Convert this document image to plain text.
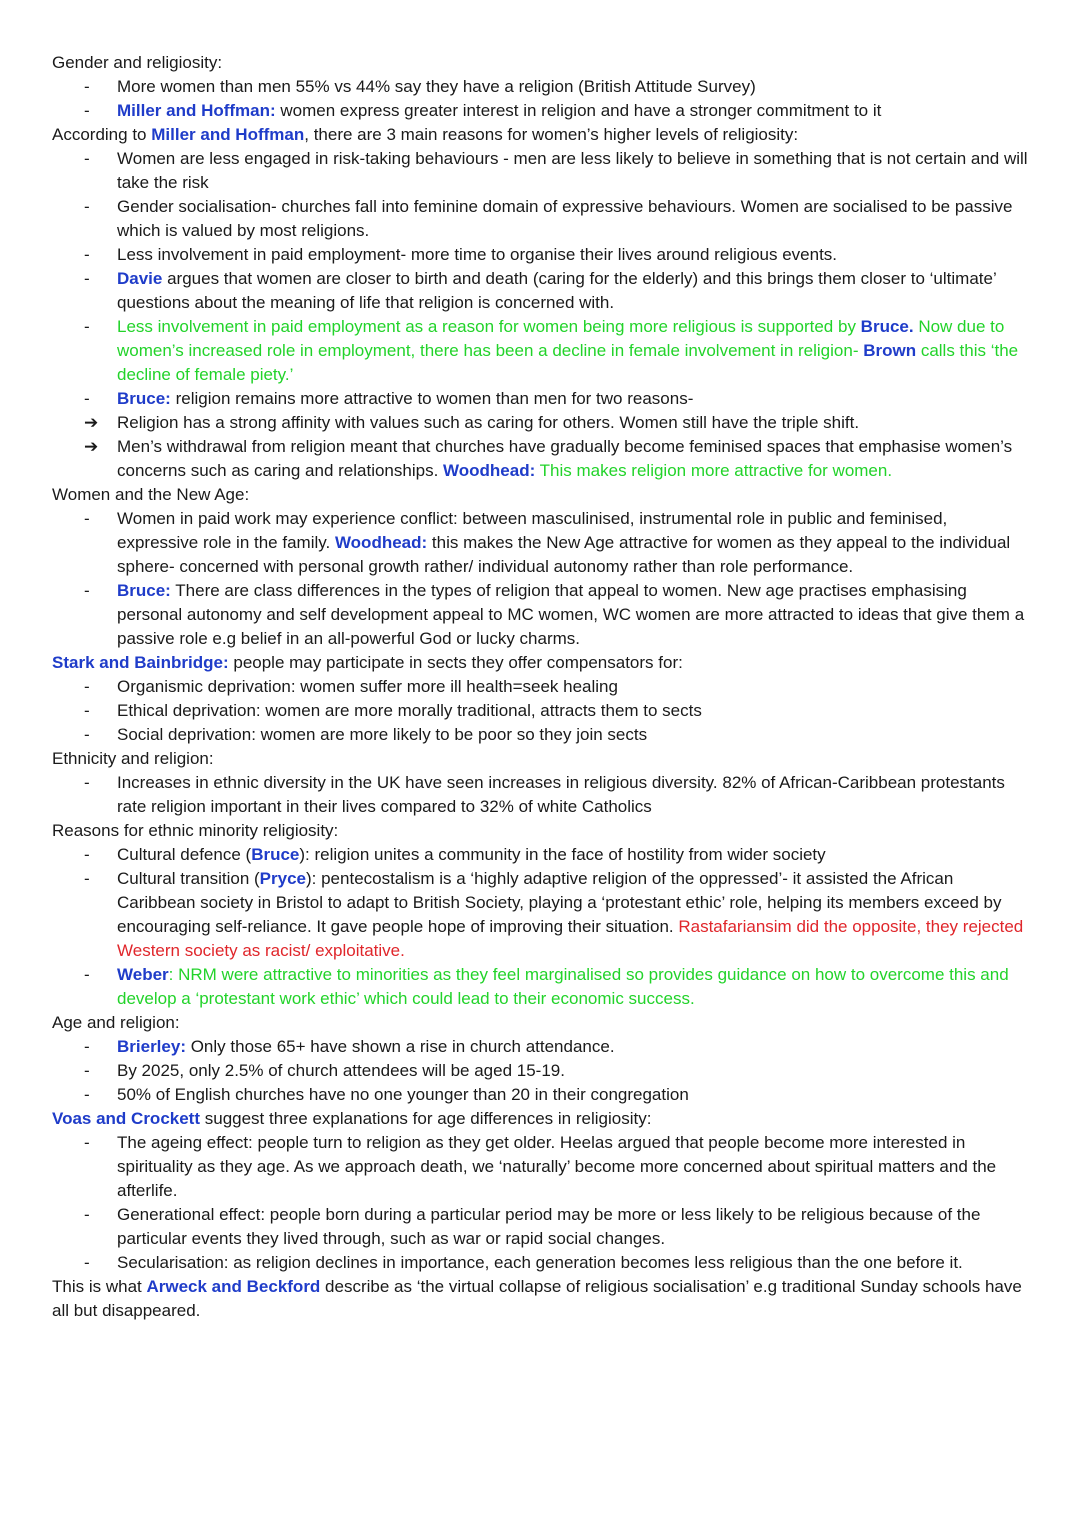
Gender and religiosity:
-	More women than men 55% vs 44% say they have a religion (British Attitude Survey)
-	Miller and Hoffman: women express greater interest in religion and have a stronger commitment to it
According to Miller and Hoffman, there are 3 main reasons for women’s higher levels of religiosity:
-	Women are less engaged in risk-taking behaviours - men are less likely to believe in something that is not certain and will take the risk
-	Gender socialisation- churches fall into feminine domain of expressive behaviours. Women are socialised to be passive which is valued by most religions.
-	Less involvement in paid employment- more time to organise their lives around religious events.
-	Davie argues that women are closer to birth and death (caring for the elderly) and this brings them closer to ‘ultimate’ questions about the meaning of life that religion is concerned with.
-	Less involvement in paid employment as a reason for women being more religious is supported by Bruce. Now due to women’s increased role in employment, there has been a decline in female involvement in religion- Brown calls this ‘the decline of female piety.’
-	Bruce: religion remains more attractive to women than men for two reasons-
➔	Religion has a strong affinity with values such as caring for others. Women still have the triple shift.
➔	Men’s withdrawal from religion meant that churches have gradually become feminised spaces that emphasise women’s concerns such as caring and relationships. Woodhead: This makes religion more attractive for women.
Women and the New Age:
-	Women in paid work may experience conflict: between masculinised, instrumental role in public and feminised, expressive role in the family. Woodhead: this makes the New Age attractive for women as they appeal to the individual sphere- concerned with personal growth rather/ individual autonomy rather than role performance.
-	Bruce: There are class differences in the types of religion that appeal to women. New age practises emphasising personal autonomy and self development appeal to MC women, WC women are more attracted to ideas that give them a passive role e.g belief in an all-powerful God or lucky charms.
Stark and Bainbridge: people may participate in sects they offer compensators for:
-	Organismic deprivation: women suffer more ill health=seek healing
-	Ethical deprivation: women are more morally traditional, attracts them to sects
-	Social deprivation: women are more likely to be poor so they join sects
Ethnicity and religion:
-	Increases in ethnic diversity in the UK have seen increases in religious diversity. 82% of African-Caribbean protestants rate religion important in their lives compared to 32% of white Catholics
Reasons for ethnic minority religiosity:
-	Cultural defence (Bruce): religion unites a community in the face of hostility from wider society
-	Cultural transition (Pryce): pentecostalism is a ‘highly adaptive religion of the oppressed’- it assisted the African Caribbean society in Bristol to adapt to British Society, playing a ‘protestant ethic’ role, helping its members exceed by encouraging self-reliance. It gave people hope of improving their situation. Rastafariansim did the opposite, they rejected Western society as racist/ exploitative.
-	Weber: NRM were attractive to minorities as they feel marginalised so provides guidance on how to overcome this and develop a ‘protestant work ethic’ which could lead to their economic success.
Age and religion:
-	Brierley: Only those 65+ have shown a rise in church attendance.
-	By 2025, only 2.5% of church attendees will be aged 15-19.
-	50% of English churches have no one younger than 20 in their congregation
Voas and Crockett suggest three explanations for age differences in religiosity:
-	The ageing effect: people turn to religion as they get older. Heelas argued that people become more interested in spirituality as they age. As we approach death, we ‘naturally’ become more concerned about spiritual matters and the afterlife.
-	Generational effect: people born during a particular period may be more or less likely to be religious because of the particular events they lived through, such as war or rapid social changes.
-	Secularisation: as religion declines in importance, each generation becomes less religious than the one before it.
This is what Arweck and Beckford describe as ‘the virtual collapse of religious socialisation’ e.g traditional Sunday schools have all but disappeared.
